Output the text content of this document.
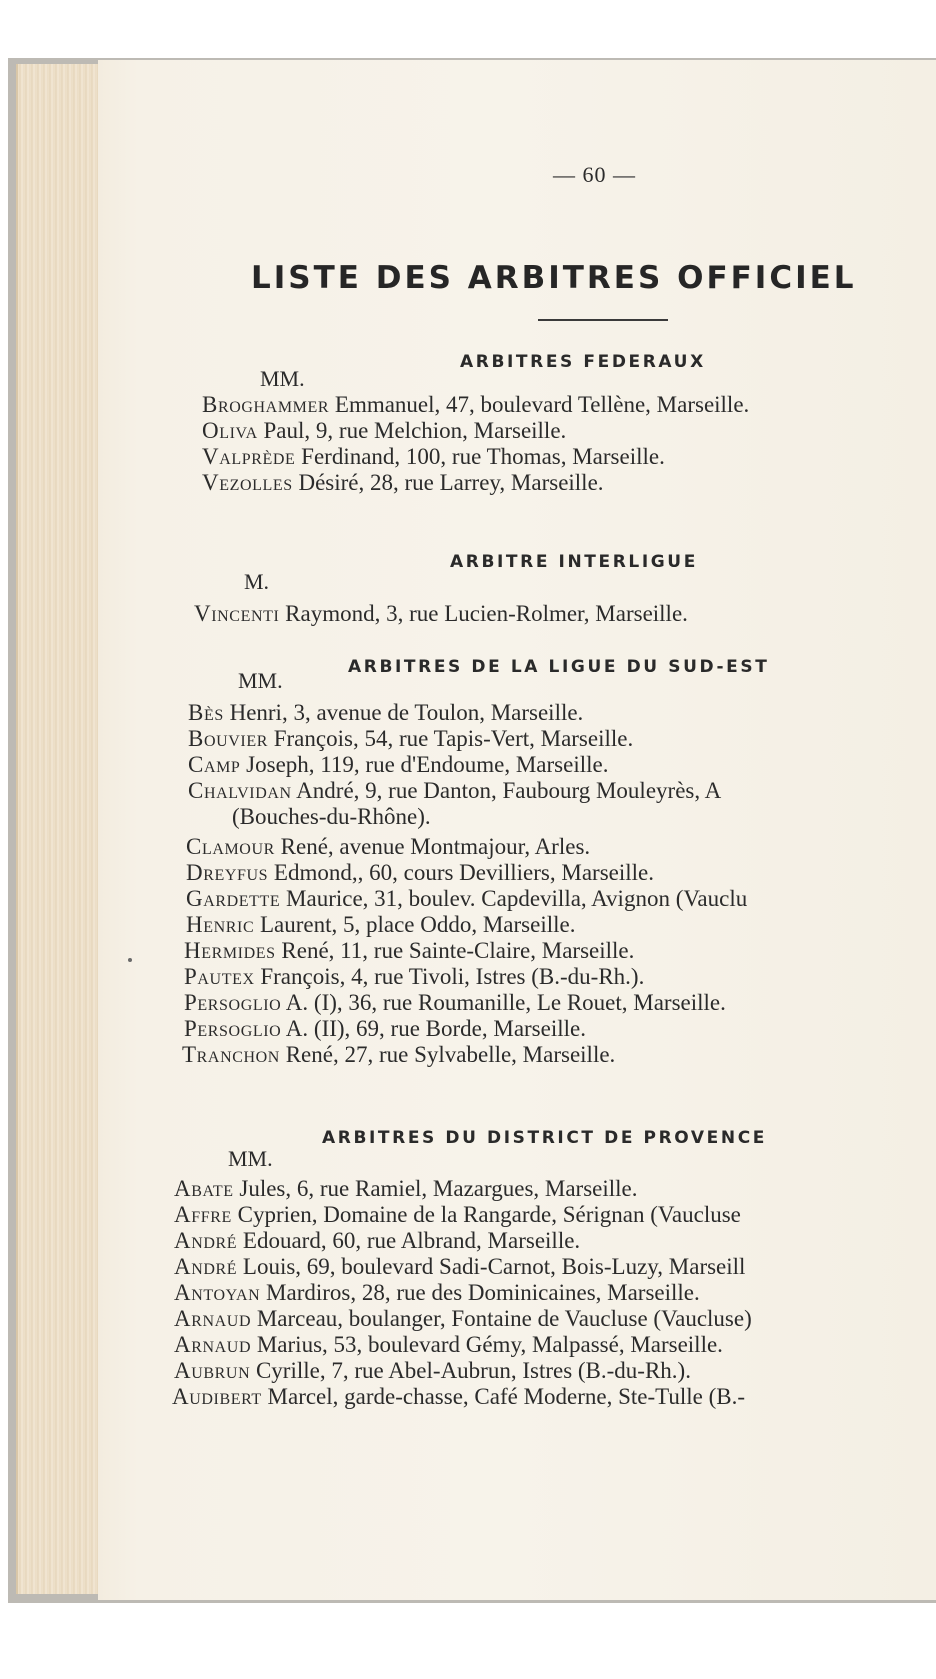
— 60 —
LISTE DES ARBITRES OFFICIEL
ARBITRES FEDERAUX
MM.
Broghammer Emmanuel, 47, boulevard Tellène, Marseille.
Oliva Paul, 9, rue Melchion, Marseille.
Valprède Ferdinand, 100, rue Thomas, Marseille.
Vezolles Désiré, 28, rue Larrey, Marseille.
ARBITRE INTERLIGUE
M.
Vincenti Raymond, 3, rue Lucien-Rolmer, Marseille.
ARBITRES DE LA LIGUE DU SUD-EST
MM.
Bès Henri, 3, avenue de Toulon, Marseille.
Bouvier François, 54, rue Tapis-Vert, Marseille.
Camp Joseph, 119, rue d'Endoume, Marseille.
Chalvidan André, 9, rue Danton, Faubourg Mouleyrès, A
(Bouches-du-Rhône).
Clamour René, avenue Montmajour, Arles.
Dreyfus Edmond,, 60, cours Devilliers, Marseille.
Gardette Maurice, 31, boulev. Capdevilla, Avignon (Vauclu
Henric Laurent, 5, place Oddo, Marseille.
Hermides René, 11, rue Sainte-Claire, Marseille.
Pautex François, 4, rue Tivoli, Istres (B.-du-Rh.).
Persoglio A. (I), 36, rue Roumanille, Le Rouet, Marseille.
Persoglio A. (II), 69, rue Borde, Marseille.
Tranchon René, 27, rue Sylvabelle, Marseille.
ARBITRES DU DISTRICT DE PROVENCE
MM.
Abate Jules, 6, rue Ramiel, Mazargues, Marseille.
Affre Cyprien, Domaine de la Rangarde, Sérignan (Vaucluse
André Edouard, 60, rue Albrand, Marseille.
André Louis, 69, boulevard Sadi-Carnot, Bois-Luzy, Marseill
Antoyan Mardiros, 28, rue des Dominicaines, Marseille.
Arnaud Marceau, boulanger, Fontaine de Vaucluse (Vaucluse)
Arnaud Marius, 53, boulevard Gémy, Malpassé, Marseille.
Aubrun Cyrille, 7, rue Abel-Aubrun, Istres (B.-du-Rh.).
Audibert Marcel, garde-chasse, Café Moderne, Ste-Tulle (B.-
